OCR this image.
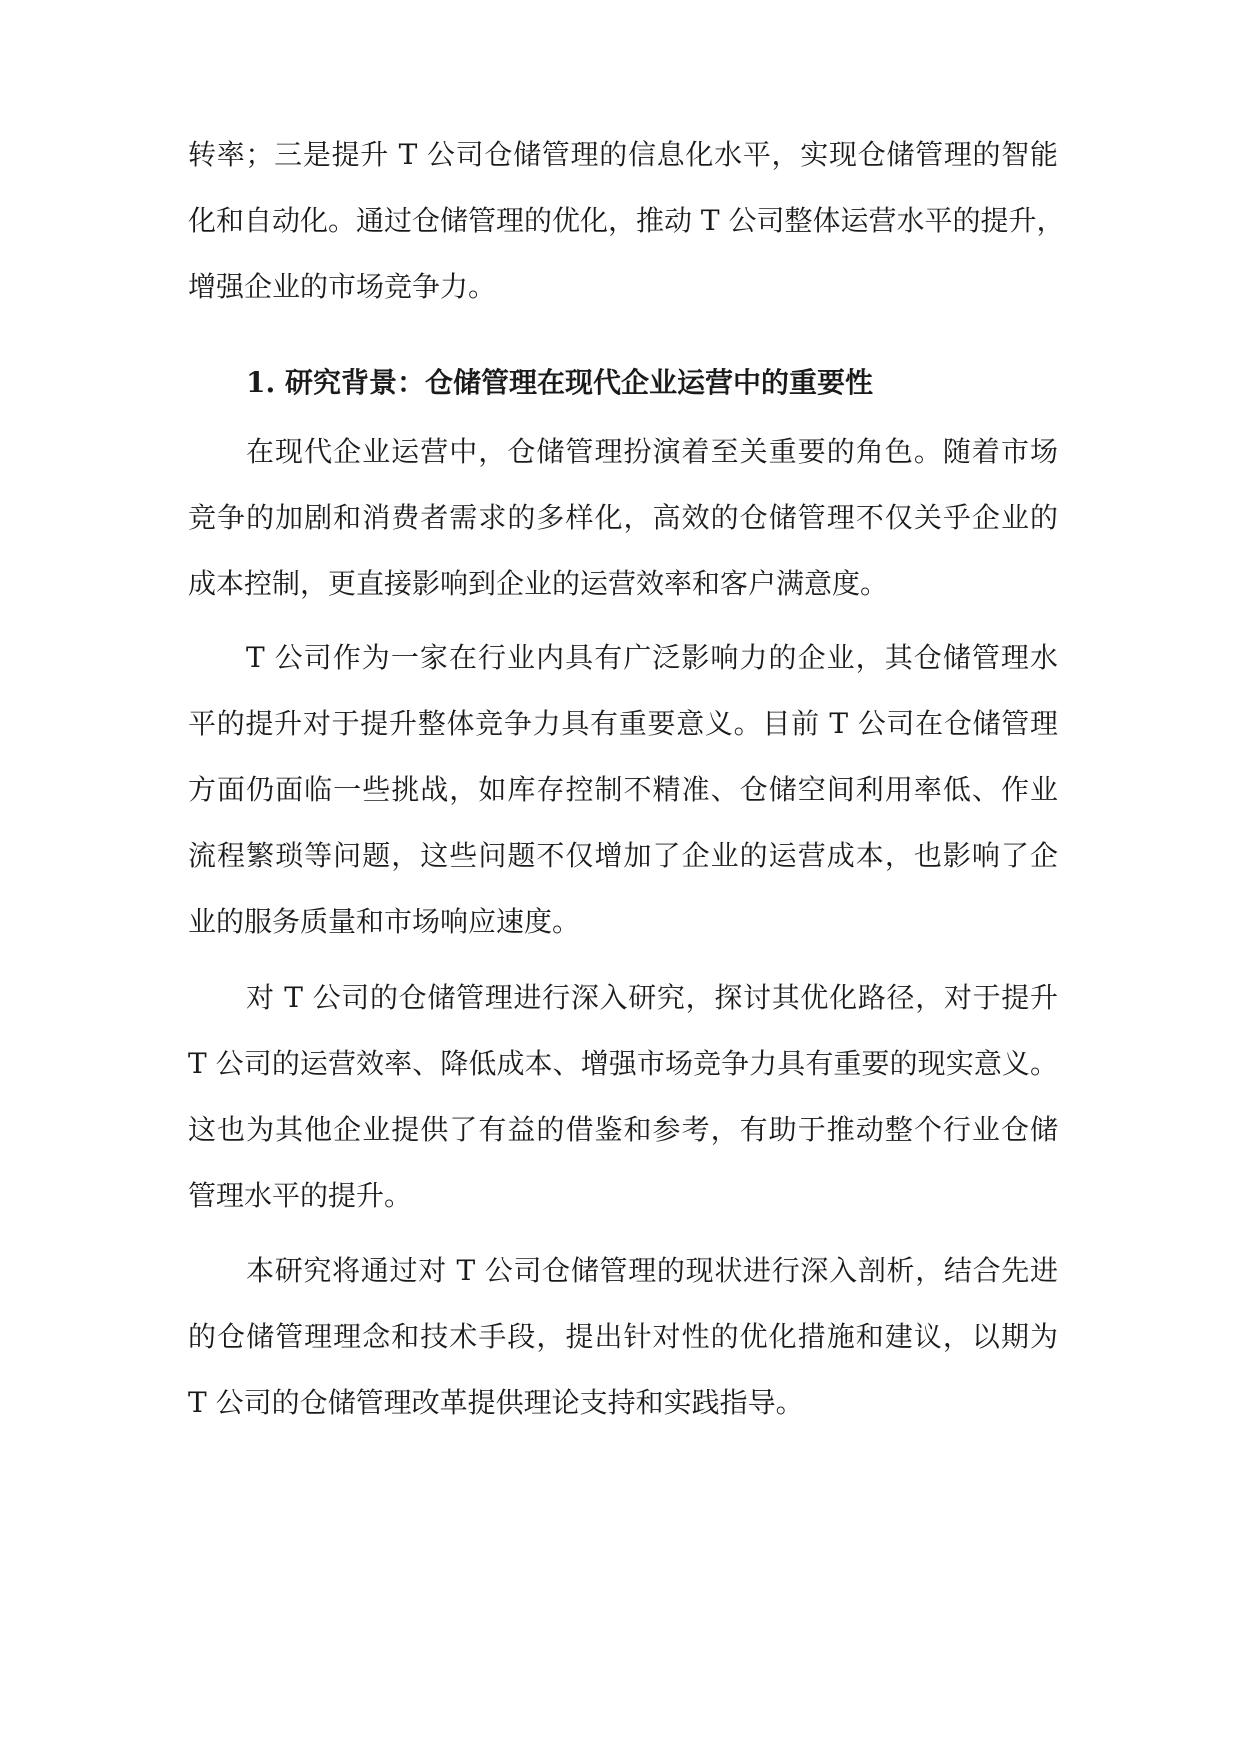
转率；三是提升 T 公司仓储管理的信息化水平，实现仓储管理的智能
化和自动化。通过仓储管理的优化，推动 T 公司整体运营水平的提升，
增强企业的市场竞争力。
1. 研究背景：仓储管理在现代企业运营中的重要性
在现代企业运营中，仓储管理扮演着至关重要的角色。随着市场
竞争的加剧和消费者需求的多样化，高效的仓储管理不仅关乎企业的
成本控制，更直接影响到企业的运营效率和客户满意度。
T 公司作为一家在行业内具有广泛影响力的企业，其仓储管理水
平的提升对于提升整体竞争力具有重要意义。目前 T 公司在仓储管理
方面仍面临一些挑战，如库存控制不精准、仓储空间利用率低、作业
流程繁琐等问题，这些问题不仅增加了企业的运营成本，也影响了企
业的服务质量和市场响应速度。
对 T 公司的仓储管理进行深入研究，探讨其优化路径，对于提升
T 公司的运营效率、降低成本、增强市场竞争力具有重要的现实意义。
这也为其他企业提供了有益的借鉴和参考，有助于推动整个行业仓储
管理水平的提升。
本研究将通过对 T 公司仓储管理的现状进行深入剖析，结合先进
的仓储管理理念和技术手段，提出针对性的优化措施和建议，以期为
T 公司的仓储管理改革提供理论支持和实践指导。
